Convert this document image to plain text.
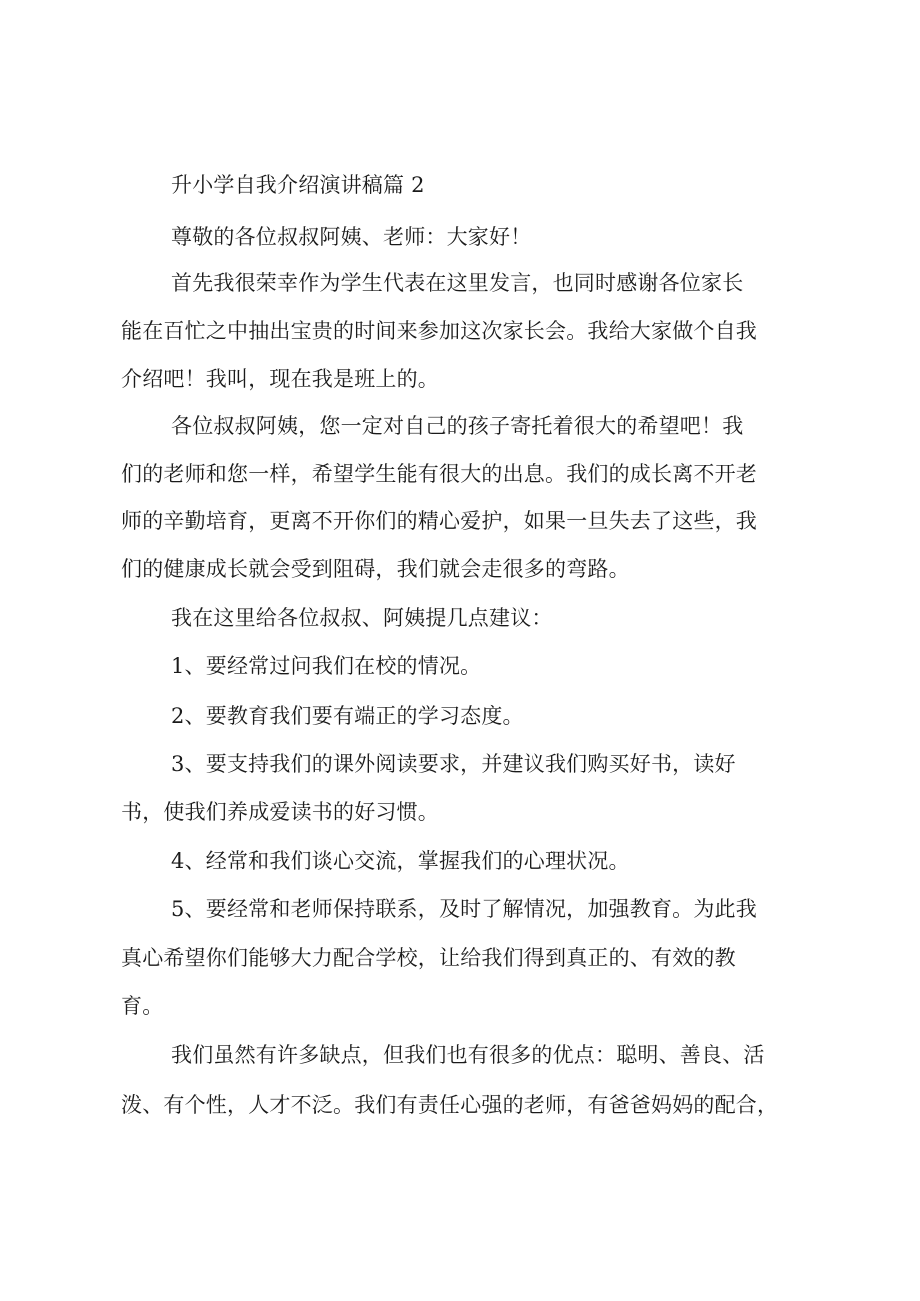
升小学自我介绍演讲稿篇 2
尊敬的各位叔叔阿姨、老师：大家好！
首先我很荣幸作为学生代表在这里发言，也同时感谢各位家长
能在百忙之中抽出宝贵的时间来参加这次家长会。我给大家做个自我
介绍吧！我叫，现在我是班上的。
各位叔叔阿姨，您一定对自己的孩子寄托着很大的希望吧！我
们的老师和您一样，希望学生能有很大的出息。我们的成长离不开老
师的辛勤培育，更离不开你们的精心爱护，如果一旦失去了这些，我
们的健康成长就会受到阻碍，我们就会走很多的弯路。
我在这里给各位叔叔、阿姨提几点建议：
1、要经常过问我们在校的情况。
2、要教育我们要有端正的学习态度。
3、要支持我们的课外阅读要求，并建议我们购买好书，读好
书，使我们养成爱读书的好习惯。
4、经常和我们谈心交流，掌握我们的心理状况。
5、要经常和老师保持联系，及时了解情况，加强教育。为此我
真心希望你们能够大力配合学校，让给我们得到真正的、有效的教
育。
我们虽然有许多缺点，但我们也有很多的优点：聪明、善良、活
泼、有个性，人才不泛。我们有责任心强的老师，有爸爸妈妈的配合，
